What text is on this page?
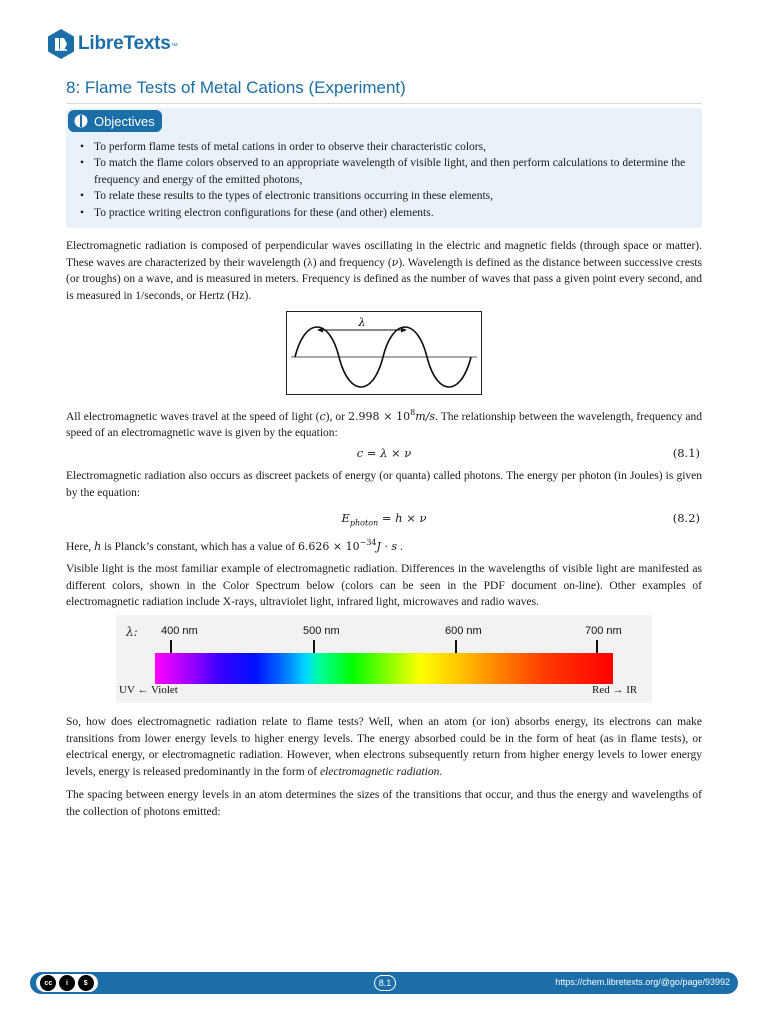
LibreTexts ™
8: Flame Tests of Metal Cations (Experiment)
Objectives
• To perform flame tests of metal cations in order to observe their characteristic colors,
• To match the flame colors observed to an appropriate wavelength of visible light, and then perform calculations to determine the frequency and energy of the emitted photons,
• To relate these results to the types of electronic transitions occurring in these elements,
• To practice writing electron configurations for these (and other) elements.

Electromagnetic radiation is composed of perpendicular waves oscillating in the electric and magnetic fields (through space or matter). These waves are characterized by their wavelength (λ) and frequency (ν). Wavelength is defined as the distance between successive crests (or troughs) on a wave, and is measured in meters. Frequency is defined as the number of waves that pass a given point every second, and is measured in 1/seconds, or Hertz (Hz).

λ

All electromagnetic waves travel at the speed of light (c), or $2.998 \times 10^8m/s$. The relationship between the wavelength, frequency and speed of an electromagnetic wave is given by the equation:

c = λ × ν	(8.1)

Electromagnetic radiation also occurs as discreet packets of energy (or quanta) called photons. The energy per photon (in Joules) is given by the equation:

$E_{photon} = h \times \nu$	(8.2)

Here, h is Planck’s constant, which has a value of $6.626 \times 10^{-34}J \cdot s$ .

Visible light is the most familiar example of electromagnetic radiation. Differences in the wavelengths of visible light are manifested as different colors, shown in the Color Spectrum below (colors can be seen in the PDF document on-line). Other examples of electromagnetic radiation include X-rays, ultraviolet light, infrared light, microwaves and radio waves.

λ: 400 nm	500 nm	600 nm	700 nm
UV ← Violet	Red → IR

So, how does electromagnetic radiation relate to flame tests? Well, when an atom (or ion) absorbs energy, its electrons can make transitions from lower energy levels to higher energy levels. The energy absorbed could be in the form of heat (as in flame tests), or electrical energy, or electromagnetic radiation. However, when electrons subsequently return from higher energy levels to lower energy levels, energy is released predominantly in the form of electromagnetic radiation.

The spacing between energy levels in an atom determines the sizes of the transitions that occur, and thus the energy and wavelengths of the collection of photons emitted:

cc	i	$	8.1	https://chem.libretexts.org/@go/page/93992
